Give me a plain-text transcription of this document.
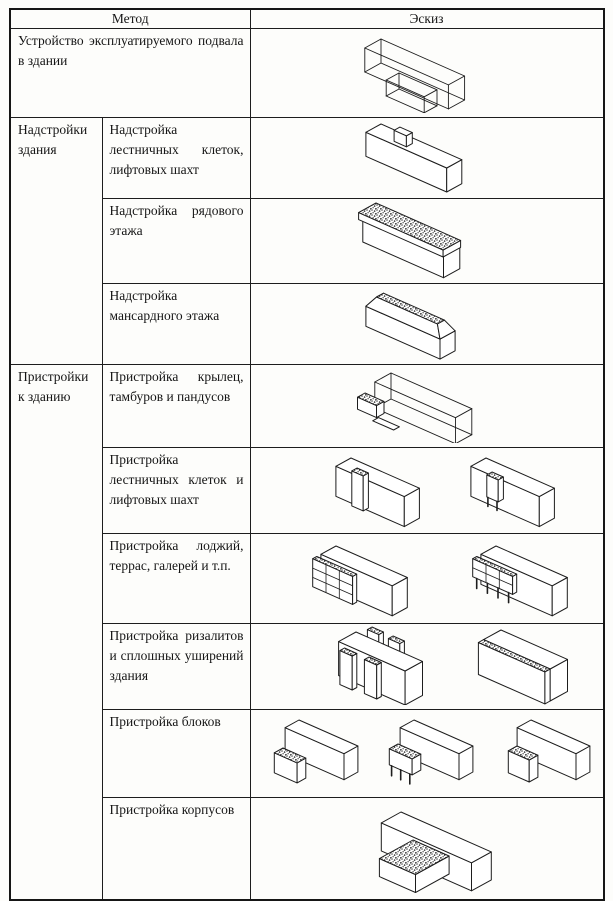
Метод		Эскиз
Устройство эксплуатируемого подвала в здании	

Надстройки здания	Надстройка лестничных клеток, лифтовых шахт	

	Надстройка рядового этажа	

	Надстройка мансардного этажа	

Пристройки к зданию	Пристройка крылец, тамбуров и пандусов	

	Пристройка лестничных клеток и лифтовых шахт	

	Пристройка лоджий, террас, галерей и т.п.	

	Пристройка ризалитов и сплошных уширений здания	

	Пристройка блоков	

	Пристройка корпусов	
